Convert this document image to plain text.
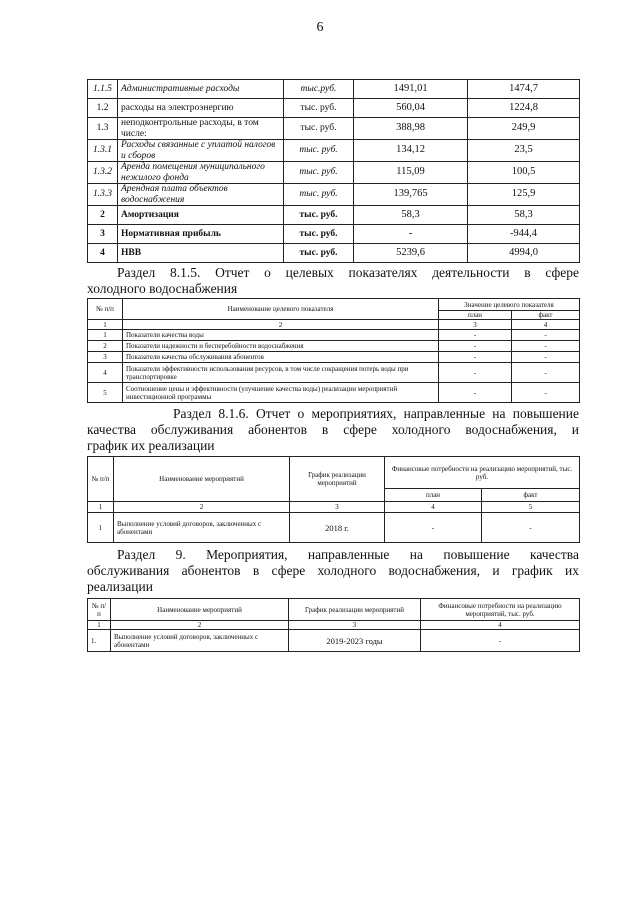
6
1.1.5	Административные расходы	тыс.руб.	1491,01	1474,7
1.2	расходы на электроэнергию	тыс. руб.	560,04	1224,8
1.3	неподконтрольные расходы, в том числе:	тыс. руб.	388,98	249,9
1.3.1	Расходы связанные с уплатой налогов и сборов	тыс. руб.	134,12	23,5
1.3.2	Аренда помещения муниципального нежилого фонда	тыс. руб.	115,09	100,5
1.3.3	Арендная плата объектов водоснабжения	тыс. руб.	139,765	125,9
2	Амортизация	тыс. руб.	58,3	58,3
3	Нормативная прибыль	тыс. руб.	-	-944,4
4	НВВ	тыс. руб.	5239,6	4994,0
Раздел 8.1.5. Отчет о целевых показателях деятельности в сфере
холодного водоснабжения
№ п/п	Наименование целевого показателя	Значение целевого показателя	
		план	факт
1	2	3	4
1	Показатели качества воды	-	-
2	Показатели надежности и бесперебойности водоснабжения	-	-
3	Показатели качества обслуживания абонентов	-	-
4	Показатели эффективности использования ресурсов, в том числе сокращения потерь воды при транспортировке	-	-
5	Соотношение цены и эффективности (улучшение качества воды) реализации мероприятий инвестиционной программы	-	-
Раздел 8.1.6. Отчет о мероприятиях, направленные на повышение
качества обслуживания абонентов в сфере холодного водоснабжения, и
график их реализации
№ п/п	Наименование мероприятий	График реализации мероприятий	Финансовые потребности на реализацию мероприятий, тыс. руб.	
			план	факт
1	2	3	4	5
1	Выполнение условий договоров, заключенных с абонентами	2018 г.	-	-
Раздел 9. Мероприятия, направленные на повышение качества
обслуживания абонентов в сфере холодного водоснабжения, и график их
реализации
№ п/п	Наименование мероприятий	График реализации мероприятий	Финансовые потребности на реализацию мероприятий, тыс. руб.
1	2	3	4
1.	Выполнение условий договоров, заключенных с абонентами	2019-2023 годы	-
